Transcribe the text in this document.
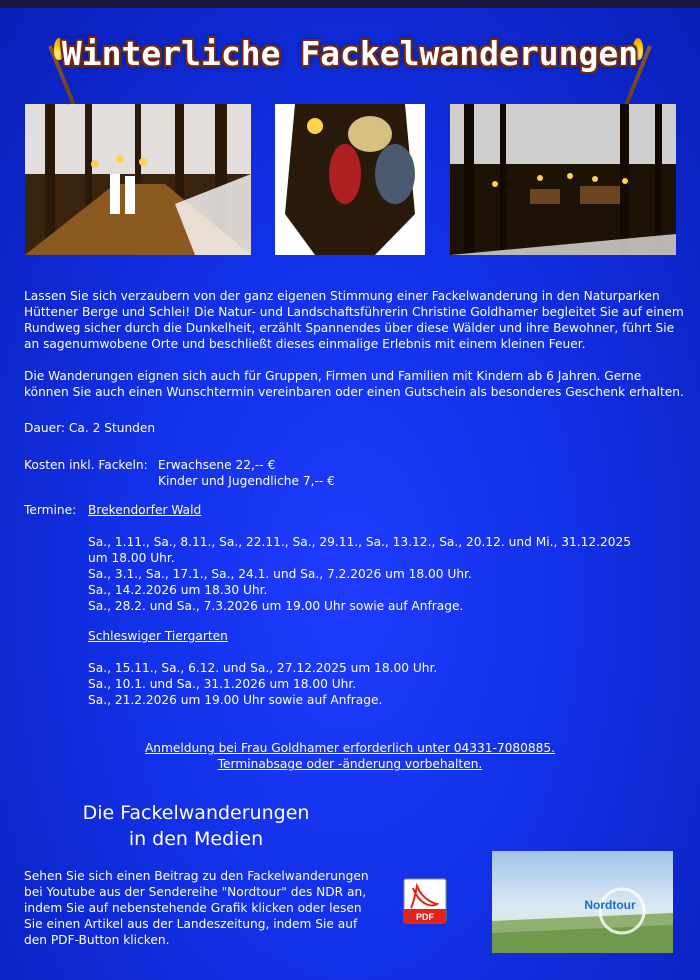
Winterliche Fackelwanderungen

Lassen Sie sich verzaubern von der ganz eigenen Stimmung einer Fackelwanderung in den Naturparken Hüttener Berge und Schlei! Die Natur- und Landschaftsführerin Christine Goldhamer begleitet Sie auf einem Rundweg sicher durch die Dunkelheit, erzählt Spannendes über diese Wälder und ihre Bewohner, führt Sie an sagenumwobene Orte und beschließt dieses einmalige Erlebnis mit einem kleinen Feuer.

Die Wanderungen eignen sich auch für Gruppen, Firmen und Familien mit Kindern ab 6 Jahren. Gerne können Sie auch einen Wunschtermin vereinbaren oder einen Gutschein als besonderes Geschenk erhalten.

Dauer: Ca. 2 Stunden
Kosten inkl. Fackeln: Erwachsene 22,-- €
Kinder und Jugendliche 7,-- €
Termine: Brekendorfer Wald
Sa., 1.11., Sa., 8.11., Sa., 22.11., Sa., 29.11., Sa., 13.12., Sa., 20.12. und Mi., 31.12.2025
um 18.00 Uhr.
Sa., 3.1., Sa., 17.1., Sa., 24.1. und Sa., 7.2.2026 um 18.00 Uhr.
Sa., 14.2.2026 um 18.30 Uhr.
Sa., 28.2. und Sa., 7.3.2026 um 19.00 Uhr sowie auf Anfrage.
Schleswiger Tiergarten
Sa., 15.11., Sa., 6.12. und Sa., 27.12.2025 um 18.00 Uhr.
Sa., 10.1. und Sa., 31.1.2026 um 18.00 Uhr.
Sa., 21.2.2026 um 19.00 Uhr sowie auf Anfrage.
Anmeldung bei Frau Goldhamer erforderlich unter 04331-7080885.
Terminabsage oder -änderung vorbehalten.
Die Fackelwanderungen
in den Medien
Sehen Sie sich einen Beitrag zu den Fackelwanderungen bei Youtube aus der Sendereihe "Nordtour" des NDR an, indem Sie auf nebenstehende Grafik klicken oder lesen Sie einen Artikel aus der Landeszeitung, indem Sie auf den PDF-Button klicken.
PDF
Nordtour
